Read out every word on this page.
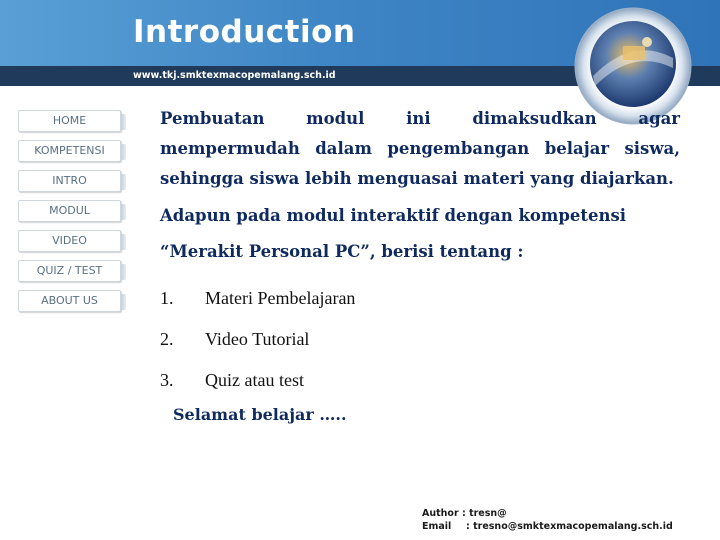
Introduction
www.tkj.smktexmacopemalang.sch.id
HOME
KOMPETENSI
INTRO
MODUL
VIDEO
QUIZ / TEST
ABOUT US

Pembuatan modul ini dimaksudkan agar mempermudah dalam pengembangan belajar siswa, sehingga siswa lebih menguasai materi yang diajarkan.

Adapun pada modul interaktif dengan kompetensi “Merakit Personal PC”, berisi tentang :

1.	Materi Pembelajaran
2.	Video Tutorial
3.	Quiz atau test
Selamat belajar …..
Author :
tresn@
Email	: tresno@smktexmacopemalang.sch.id
